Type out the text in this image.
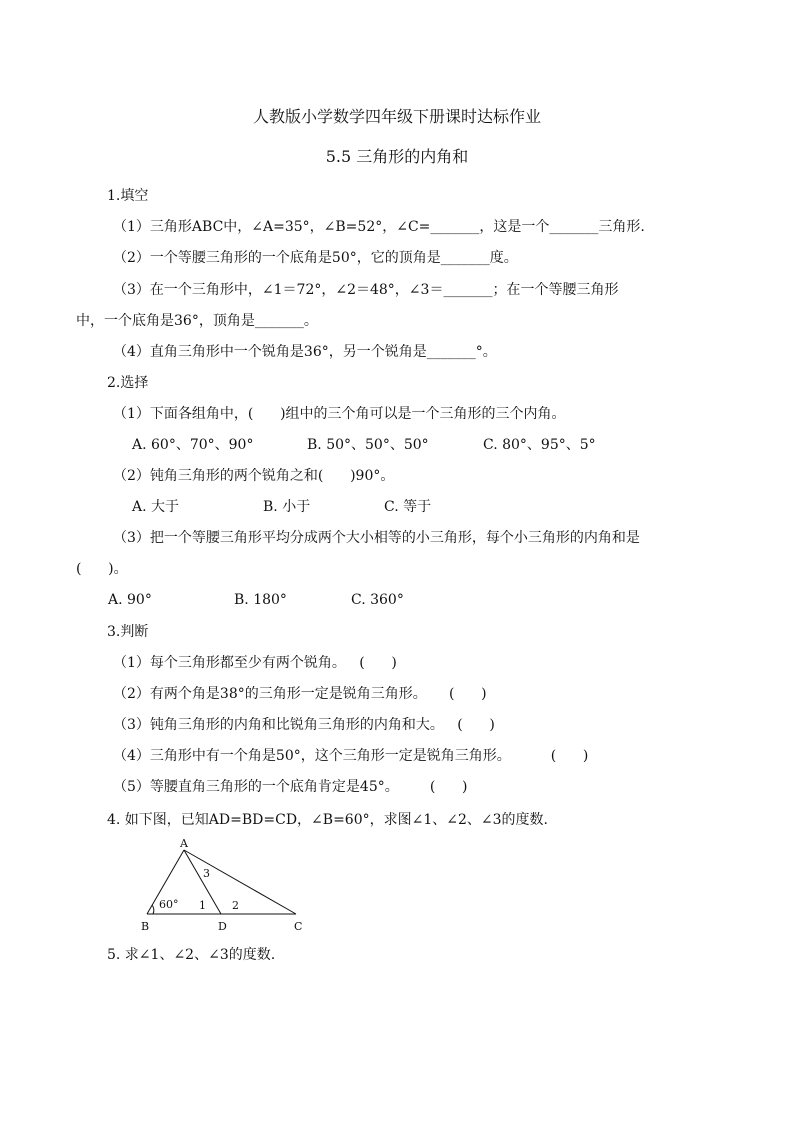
人教版小学数学四年级下册课时达标作业
5.5 三角形的内角和
1.填空
（1）三角形ABC中，∠A=35°，∠B=52°，∠C=_______，这是一个_______三角形.
（2）一个等腰三角形的一个底角是50°，它的顶角是_______度。
（3）在一个三角形中，∠1＝72°，∠2＝48°，∠3＝_______；在一个等腰三角形
中，一个底角是36°，顶角是_______。
（4）直角三角形中一个锐角是36°，另一个锐角是_______°。
2.选择
（1）下面各组角中，(      )组中的三个角可以是一个三角形的三个内角。
A. 60°、70°、90°	B. 50°、50°、50°	C. 80°、95°、5°
（2）钝角三角形的两个锐角之和(      )90°。
A. 大于	B. 小于	C. 等于
（3）把一个等腰三角形平均分成两个大小相等的小三角形，每个小三角形的内角和是
(      )。
A. 90°	B. 180°	C. 360°
3.判断
（1）每个三角形都至少有两个锐角。   (      )
（2）有两个角是38°的三角形一定是锐角三角形。     (      )
（3）钝角三角形的内角和比锐角三角形的内角和大。   (      )
（4）三角形中有一个角是50°，这个三角形一定是锐角三角形。         (      )
（5）等腰直角三角形的一个底角肯定是45°。       (      )
4. 如下图，已知AD=BD=CD，∠B=60°，求图∠1、∠2、∠3的度数.
A
B	D	C
60° 1 2
3
5. 求∠1、∠2、∠3的度数.
